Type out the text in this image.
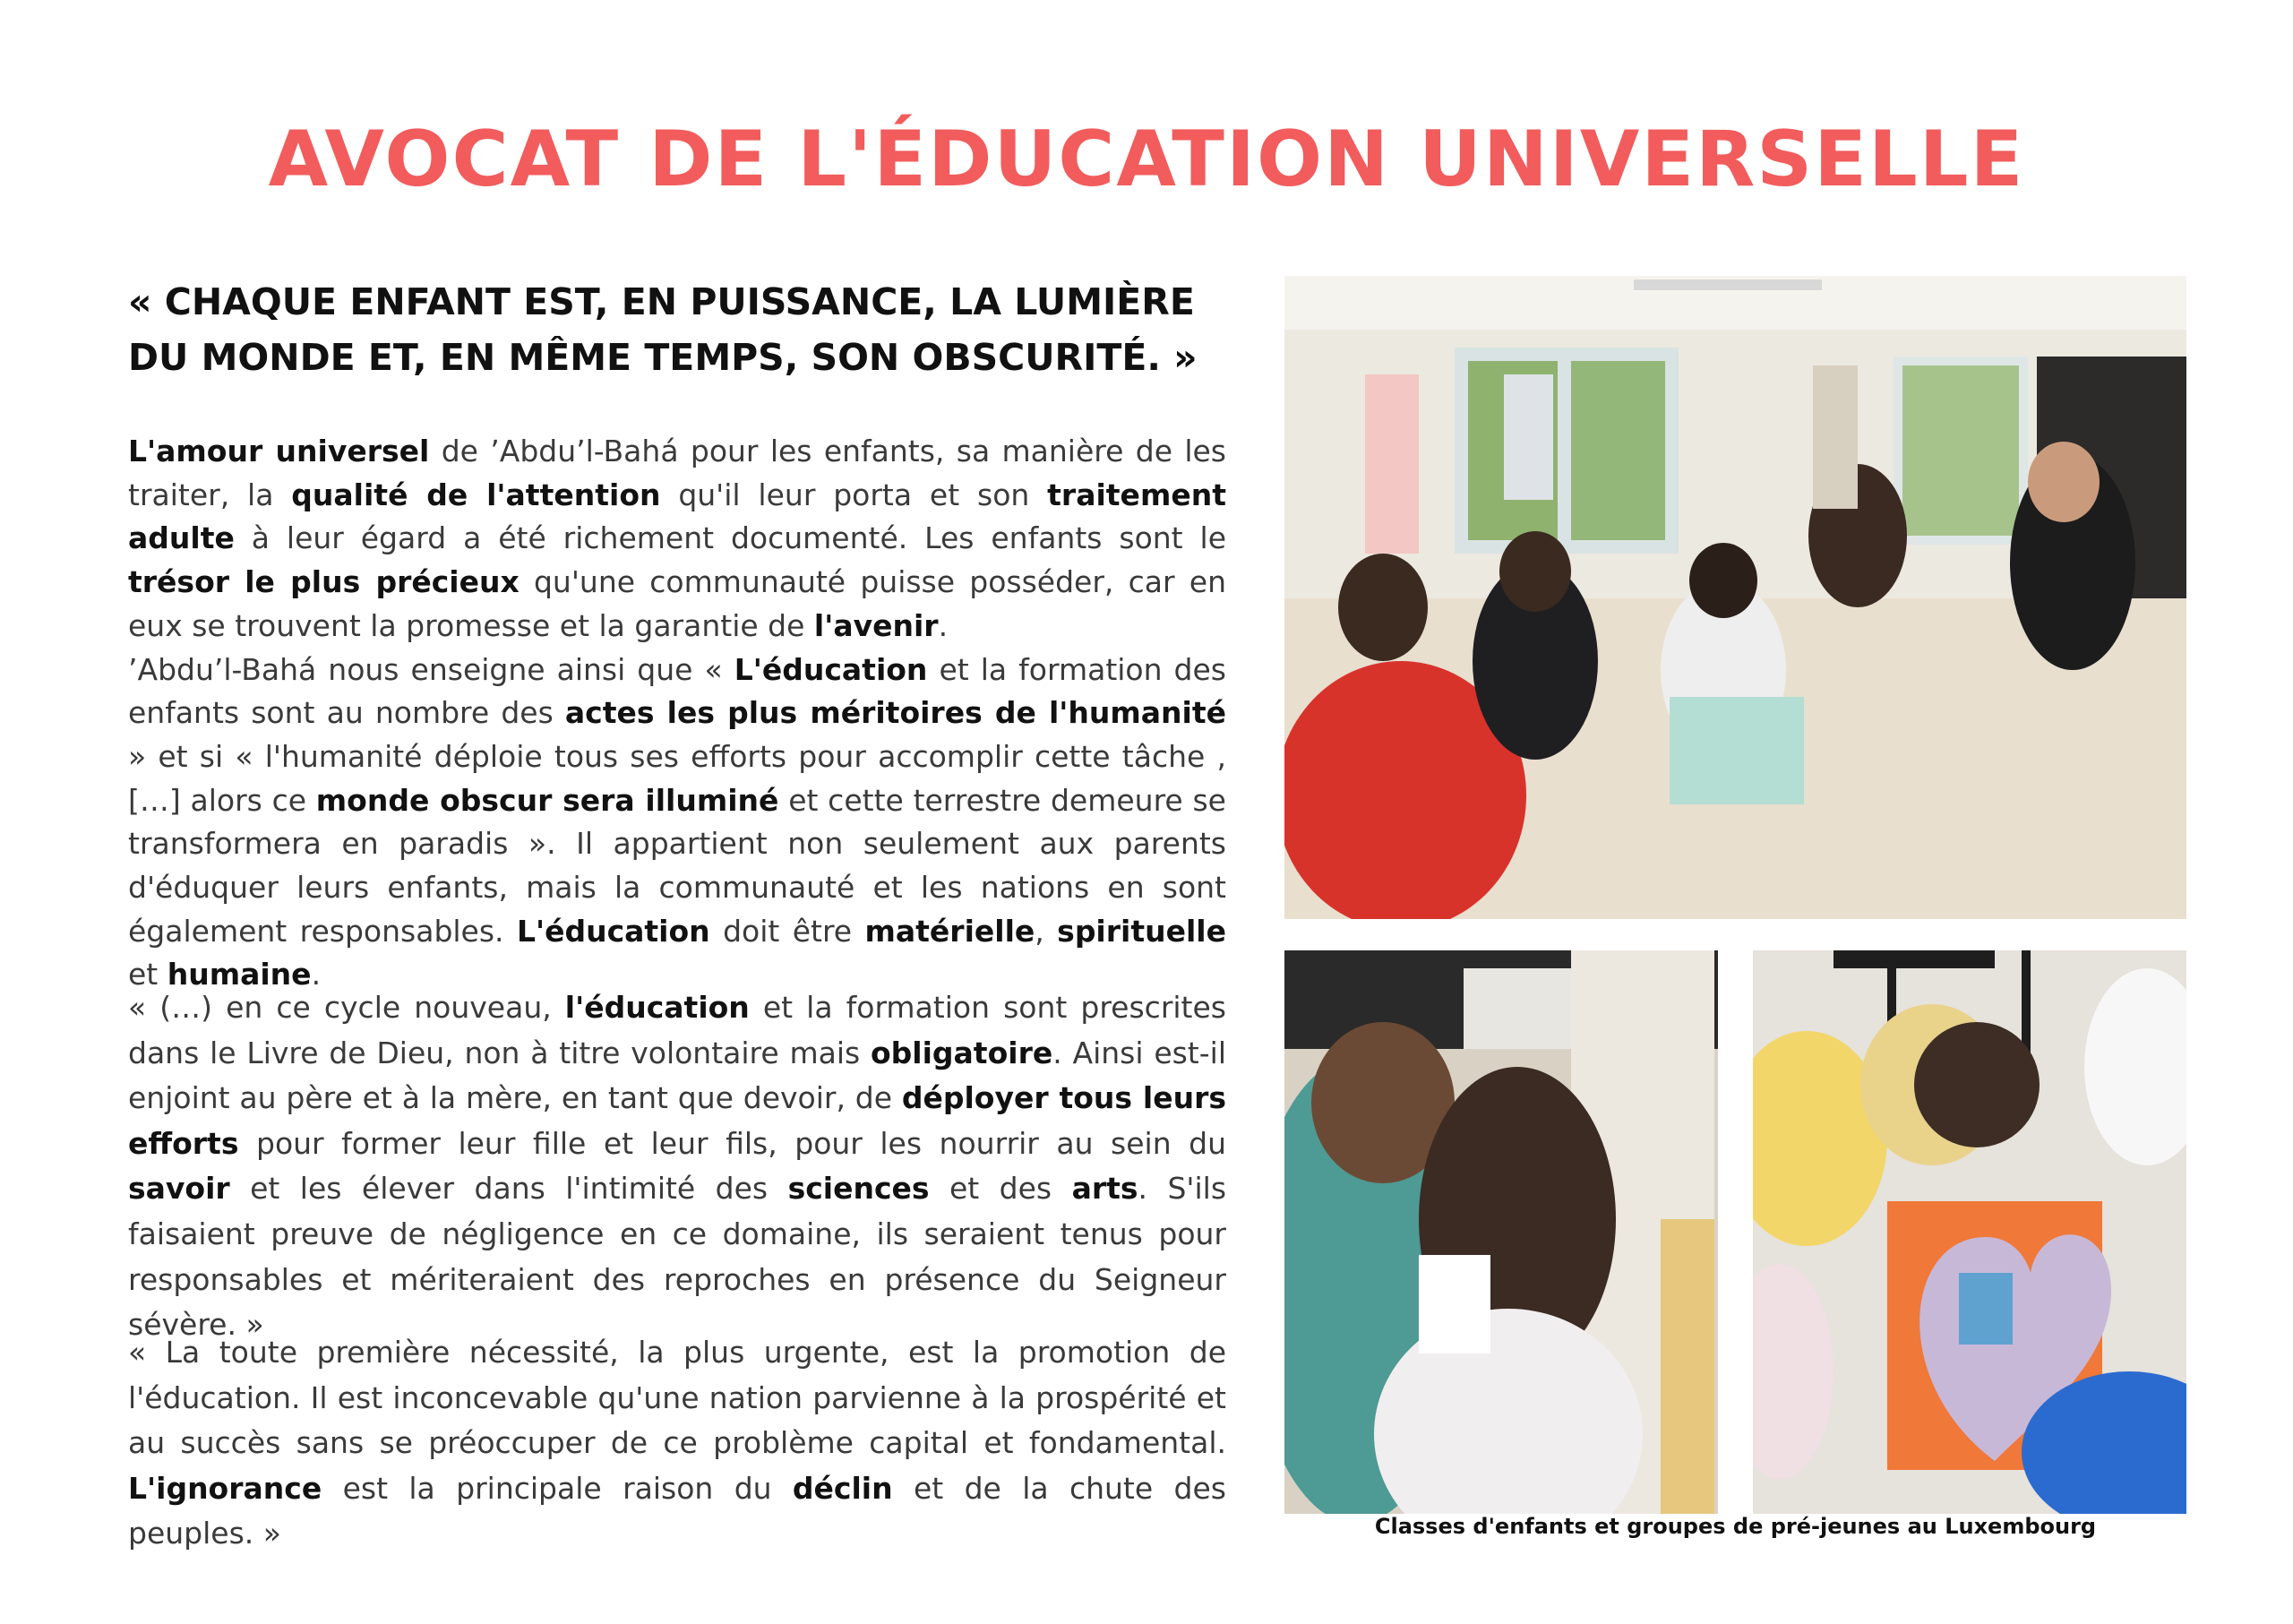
AVOCAT DE L'ÉDUCATION UNIVERSELLE
« CHAQUE ENFANT EST, EN PUISSANCE, LA LUMIÈRE
DU MONDE ET, EN MÊME TEMPS, SON OBSCURITÉ. »
L'amour universel de ’Abdu’l-Bahá pour les enfants, sa manière de les traiter, la qualité de l'attention qu'il leur porta et son traitement adulte à leur égard a été richement documenté. Les enfants sont le trésor le plus précieux qu'une communauté puisse posséder, car en eux se trouvent la promesse et la garantie de l'avenir.
’Abdu’l-Bahá nous enseigne ainsi que « L'éducation et la formation des enfants sont au nombre des actes les plus méritoires de l'humanité » et si « l'humanité déploie tous ses efforts pour accomplir cette tâche , […] alors ce monde obscur sera illuminé et cette terrestre demeure se transformera en paradis ». Il appartient non seulement aux parents d'éduquer leurs enfants, mais la communauté et les nations en sont également responsables. L'éducation doit être matérielle, spirituelle et humaine.
« (…) en ce cycle nouveau, l'éducation et la formation sont prescrites dans le Livre de Dieu, non à titre volontaire mais obligatoire. Ainsi est-il enjoint au père et à la mère, en tant que devoir, de déployer tous leurs efforts pour former leur fille et leur fils, pour les nourrir au sein du savoir et les élever dans l'intimité des sciences et des arts. S'ils faisaient preuve de négligence en ce domaine, ils seraient tenus pour responsables et mériteraient des reproches en présence du Seigneur sévère. »
« La toute première nécessité, la plus urgente, est la promotion de l'éducation. Il est inconcevable qu'une nation parvienne à la prospérité et au succès sans se préoccuper de ce problème capital et fondamental. L'ignorance est la principale raison du déclin et de la chute des peuples. »	Classes d'enfants et groupes de pré-jeunes au Luxembourg
